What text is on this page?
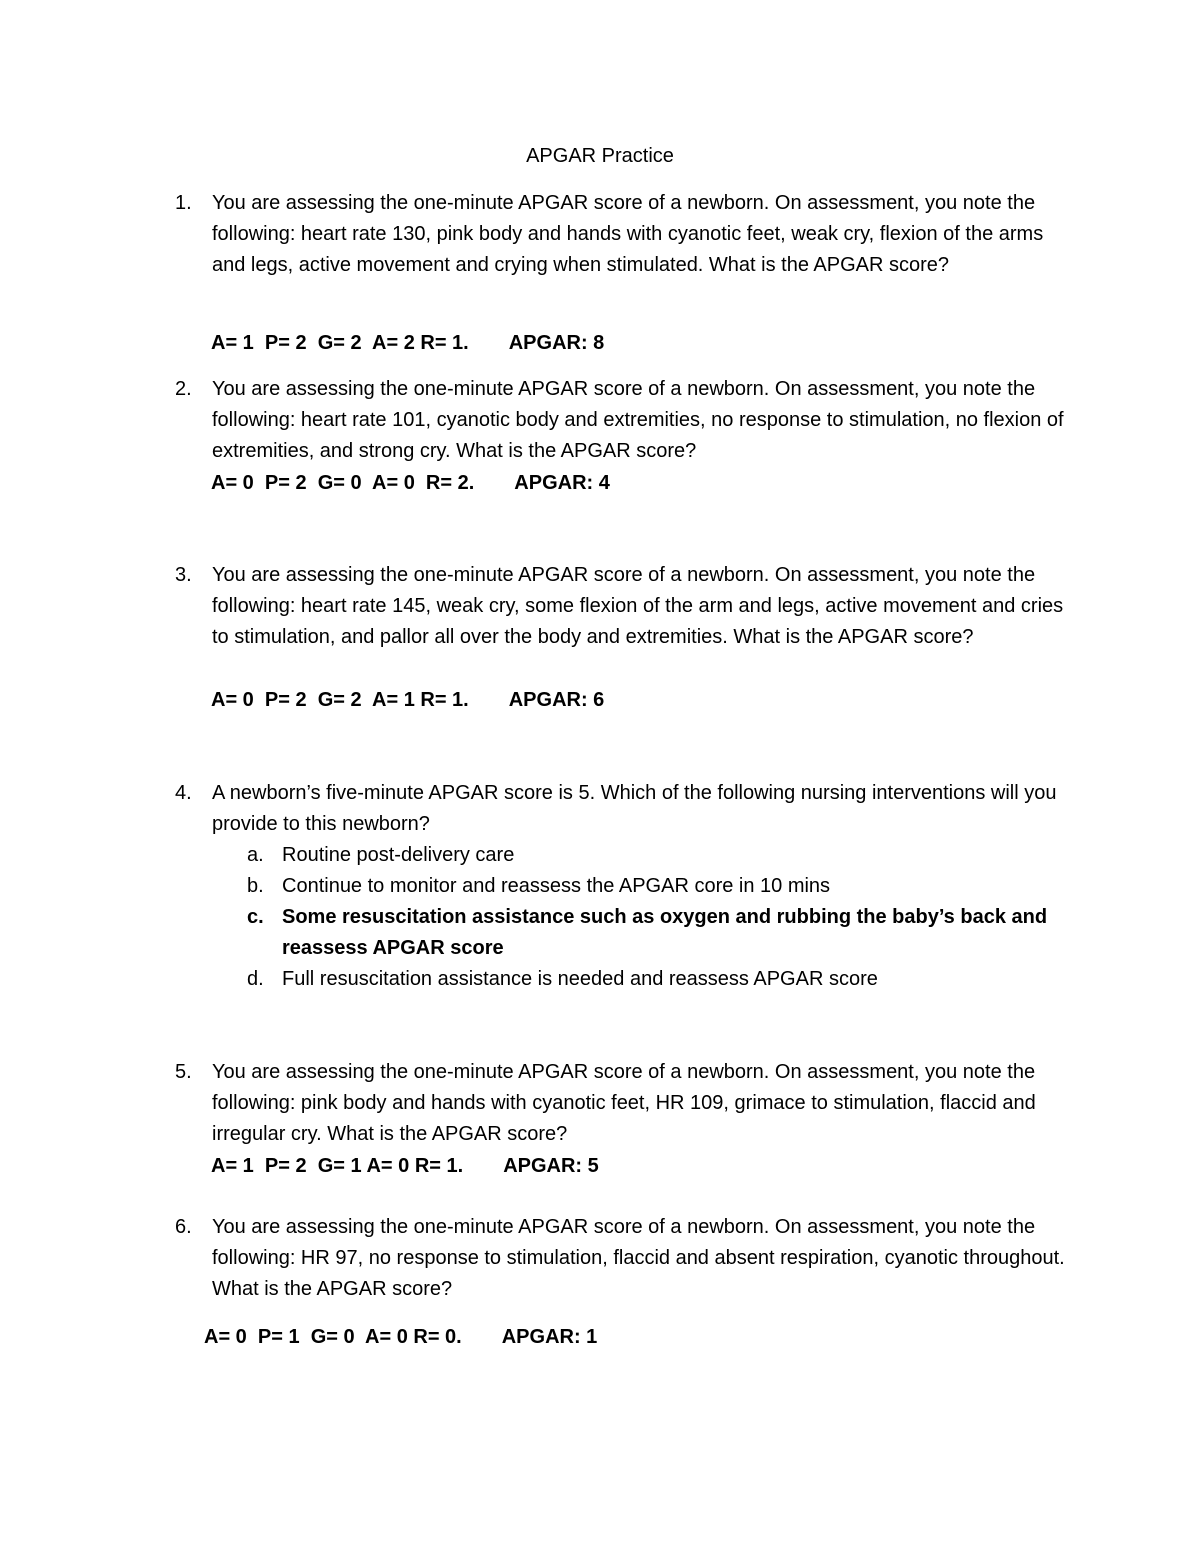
APGAR Practice
1. You are assessing the one-minute APGAR score of a newborn. On assessment, you note the following: heart rate 130, pink body and hands with cyanotic feet, weak cry, flexion of the arms and legs, active movement and crying when stimulated. What is the APGAR score?
A= 1  P= 2  G= 2  A= 2 R= 1. APGAR: 8
2. You are assessing the one-minute APGAR score of a newborn. On assessment, you note the following: heart rate 101, cyanotic body and extremities, no response to stimulation, no flexion of extremities, and strong cry. What is the APGAR score?
A= 0  P= 2  G= 0  A= 0  R= 2. APGAR: 4
3. You are assessing the one-minute APGAR score of a newborn. On assessment, you note the following: heart rate 145, weak cry, some flexion of the arm and legs, active movement and cries to stimulation, and pallor all over the body and extremities. What is the APGAR score?
A= 0  P= 2  G= 2  A= 1 R= 1. APGAR: 6
4. A newborn’s five-minute APGAR score is 5. Which of the following nursing interventions will you provide to this newborn?
a. Routine post-delivery care
b. Continue to monitor and reassess the APGAR core in 10 mins
c. Some resuscitation assistance such as oxygen and rubbing the baby’s back and reassess APGAR score
d. Full resuscitation assistance is needed and reassess APGAR score
5. You are assessing the one-minute APGAR score of a newborn. On assessment, you note the following: pink body and hands with cyanotic feet, HR 109, grimace to stimulation, flaccid and irregular cry. What is the APGAR score?
A= 1  P= 2  G= 1 A= 0 R= 1. APGAR: 5
6. You are assessing the one-minute APGAR score of a newborn. On assessment, you note the following: HR 97, no response to stimulation, flaccid and absent respiration, cyanotic throughout. What is the APGAR score?
A= 0  P= 1  G= 0  A= 0 R= 0. APGAR: 1
